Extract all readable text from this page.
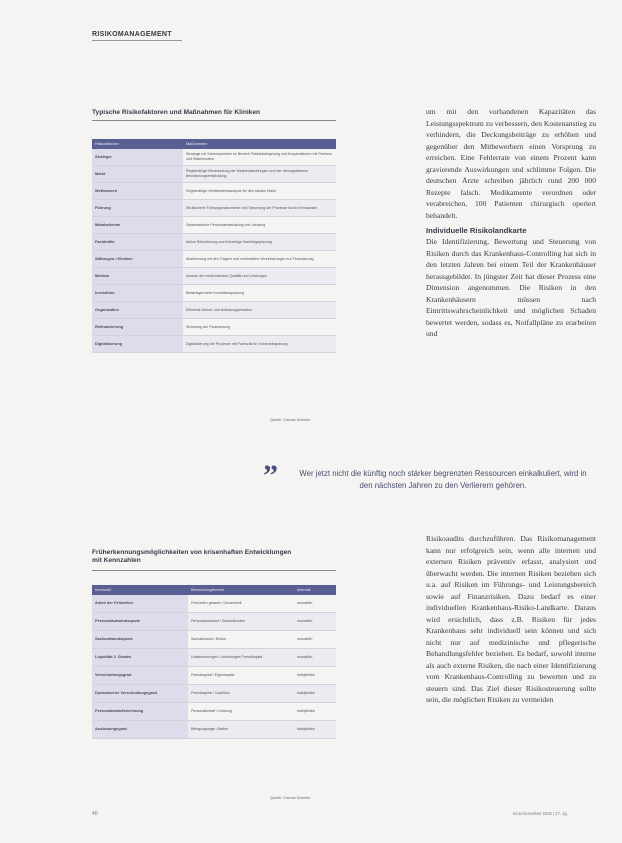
RISIKOMANAGEMENT
Typische Risikofaktoren und Maßnahmen für Kliniken
Risikofaktoren	Maßnahmen
Strategie	Strategie mit Schwerpunkten im Bereich Fallzahlsteigerung und Kooperationen mit Partnern und Stakeholdern
Markt	Regelmäßige Beobachtung der Marktentwicklungen und der demografischen Bevölkerungsentwicklung
Wettbewerb	Regelmäßige Wettbewerbsanalyse für den lokalen Markt
Führung	Strukturierte Führungsinstrumente und Steuerung der Prozesse durch Kennzahlen
Mitarbeitende	Systematische Personalentwicklung und -bindung
Fachkräfte	Aktive Rekrutierung und frühzeitige Nachfolgeplanung
Stiftungen / Kliniken	Abstimmung mit den Trägern und verbindliche Vereinbarungen zur Finanzierung
Medizin	Ausbau der medizinischen Qualität und Leistungen
Investition	Bedarfsgerechte Investitionsplanung
Organisation	Effiziente Ablauf- und Aufbauorganisation
Refinanzierung	Sicherung der Finanzierung
Digitalisierung	Digitalisierung der Prozesse mit Potenzial für Kosteneinsparung
Quelle: Conrad Schmitz

um mit den vorhandenen Kapazitäten das Leistungsspektrum zu verbessern, den Kostenanstieg zu verhindern, die Deckungsbeiträge zu erhöhen und gegenüber den Mitbewerbern einen Vorsprung zu erreichen. Eine Fehlerrate von einem Prozent kann gravierende Auswirkungen und schlimme Folgen. Die deutschen Ärzte schreiben jährlich rund 200 000 Rezepte falsch. Medikamente verordnen oder verabreichen, 100 Patienten chirurgisch operiert behandelt.

Individuelle Risikolandkarte

Die Identifizierung, Bewertung und Steuerung von Risiken durch das Krankenhaus-Controlling hat sich in den letzten Jahren bei einem Teil der Krankenhäuser herausgebildet. In jüngster Zeit hat dieser Prozess eine Dimension angenommen. Die Risiken in den Krankenhäusern müssen nach Eintrittswahrscheinlichkeit und möglichen Schaden bewertet werden, sodass es, Notfallpläne zu erarbeiten und

”	Wer jetzt nicht die künftig noch stärker begrenzten Ressourcen einkalkuliert, wird in den nächsten Jahren zu den Verlierern gehören.
Früherkennungsmöglichkeiten von krisenhaften Entwicklungen mit Kennzahlen
Kennzahl	Berechnungsformel	Intervall
Anteil der Fehlzeiten	Fehlzeiten gesamt / Gesamtzeit	monatlich
Personalaufwandsquote	Personalaufwand / Gesamtkosten	monatlich
Sachaufwandsquote	Sachaufwand / Erlöse	monatlich
Liquidität 2. Grades	Umlaufvermögen / kurzfristiges Fremdkapital	monatlich
Verschuldungsgrad	Fremdkapital / Eigenkapital	halbjährlich
Dynamischer Verschuldungsgrad	Fremdkapital / Cashflow	halbjährlich
Personalbedarfsrechnung	Personalbedarf / Leistung	halbjährlich
Auslastungsgrad	Belegungstage / Betten	halbjährlich
Quelle: Conrad Schmitz

Risikoaudits durchzuführen. Das Risikomanagement kann nur erfolgreich sein, wenn alle internen und externen Risiken präventiv erfasst, analysiert und überwacht werden. Die internen Risiken beziehen sich u.a. auf Risiken im Führungs- und Leistungsbereich sowie auf Finanzrisiken. Dazu bedarf es einer individuellen Krankenhaus-Risiko-Landkarte. Daraus wird ersichtlich, dass z.B. Risiken für jedes Krankenhaus sehr individuell sein können und sich nicht nur auf medizinische und pflegerische Behandlungsfehler beziehen. Es bedarf, sowohl interne als auch externe Risiken, die nach einer Identifizierung vom Krankenhaus-Controlling zu bewerten und zu steuern sind. Das Ziel dieser Risikosteuerung sollte sein, die möglichen Risiken zu vermeiden

40	kma Dezember 2022 | 27. Jg.
